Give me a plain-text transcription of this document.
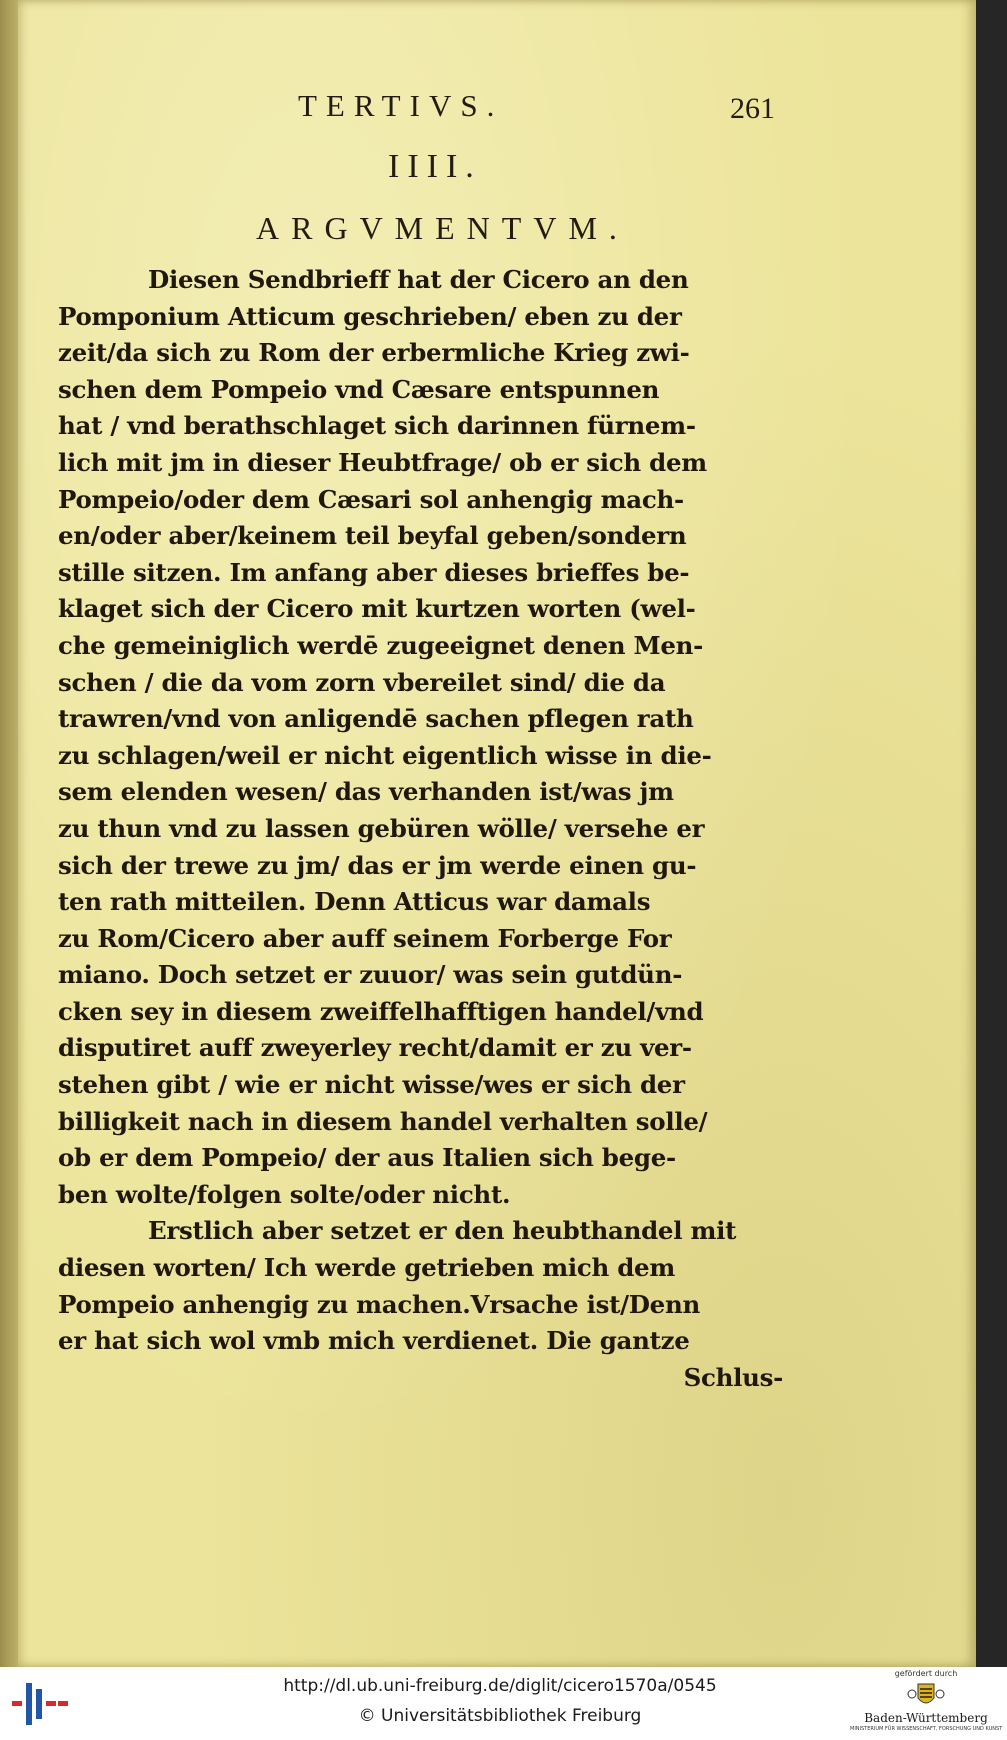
TERTIVS.	261
IIII.
ARGVMENTVM.
Diesen Sendbrieff hat der Cicero an den
Pomponium Atticum geschrieben/ eben zu der
zeit/da sich zu Rom der erbermliche Krieg zwi-
schen dem Pompeio vnd Cæsare entspunnen
hat / vnd berathschlaget sich darinnen fürnem-
lich mit jm in dieser Heubtfrage/ ob er sich dem
Pompeio/oder dem Cæsari sol anhengig mach-
en/oder aber/keinem teil beyfal geben/sondern
stille sitzen. Im anfang aber dieses brieffes be-
klaget sich der Cicero mit kurtzen worten (wel-
che gemeiniglich werdē zugeeignet denen Men-
schen / die da vom zorn vbereilet sind/ die da
trawren/vnd von anligendē sachen pflegen rath
zu schlagen/weil er nicht eigentlich wisse in die-
sem elenden wesen/ das verhanden ist/was jm
zu thun vnd zu lassen gebüren wölle/ versehe er
sich der trewe zu jm/ das er jm werde einen gu-
ten rath mitteilen. Denn Atticus war damals
zu Rom/Cicero aber auff seinem Forberge For
miano. Doch setzet er zuuor/ was sein gutdün-
cken sey in diesem zweiffelhafftigen handel/vnd
disputiret auff zweyerley recht/damit er zu ver-
stehen gibt / wie er nicht wisse/wes er sich der
billigkeit nach in diesem handel verhalten solle/
ob er dem Pompeio/ der aus Italien sich bege-
ben wolte/folgen solte/oder nicht.
Erstlich aber setzet er den heubthandel mit
diesen worten/ Ich werde getrieben mich dem
Pompeio anhengig zu machen.Vrsache ist/Denn
er hat sich wol vmb mich verdienet. Die gantze
Schlus-
http://dl.ub.uni-freiburg.de/diglit/cicero1570a/0545
© Universitätsbibliothek Freiburg
gefördert durch
Baden-Württemberg
MINISTERIUM FÜR WISSENSCHAFT, FORSCHUNG UND KUNST
